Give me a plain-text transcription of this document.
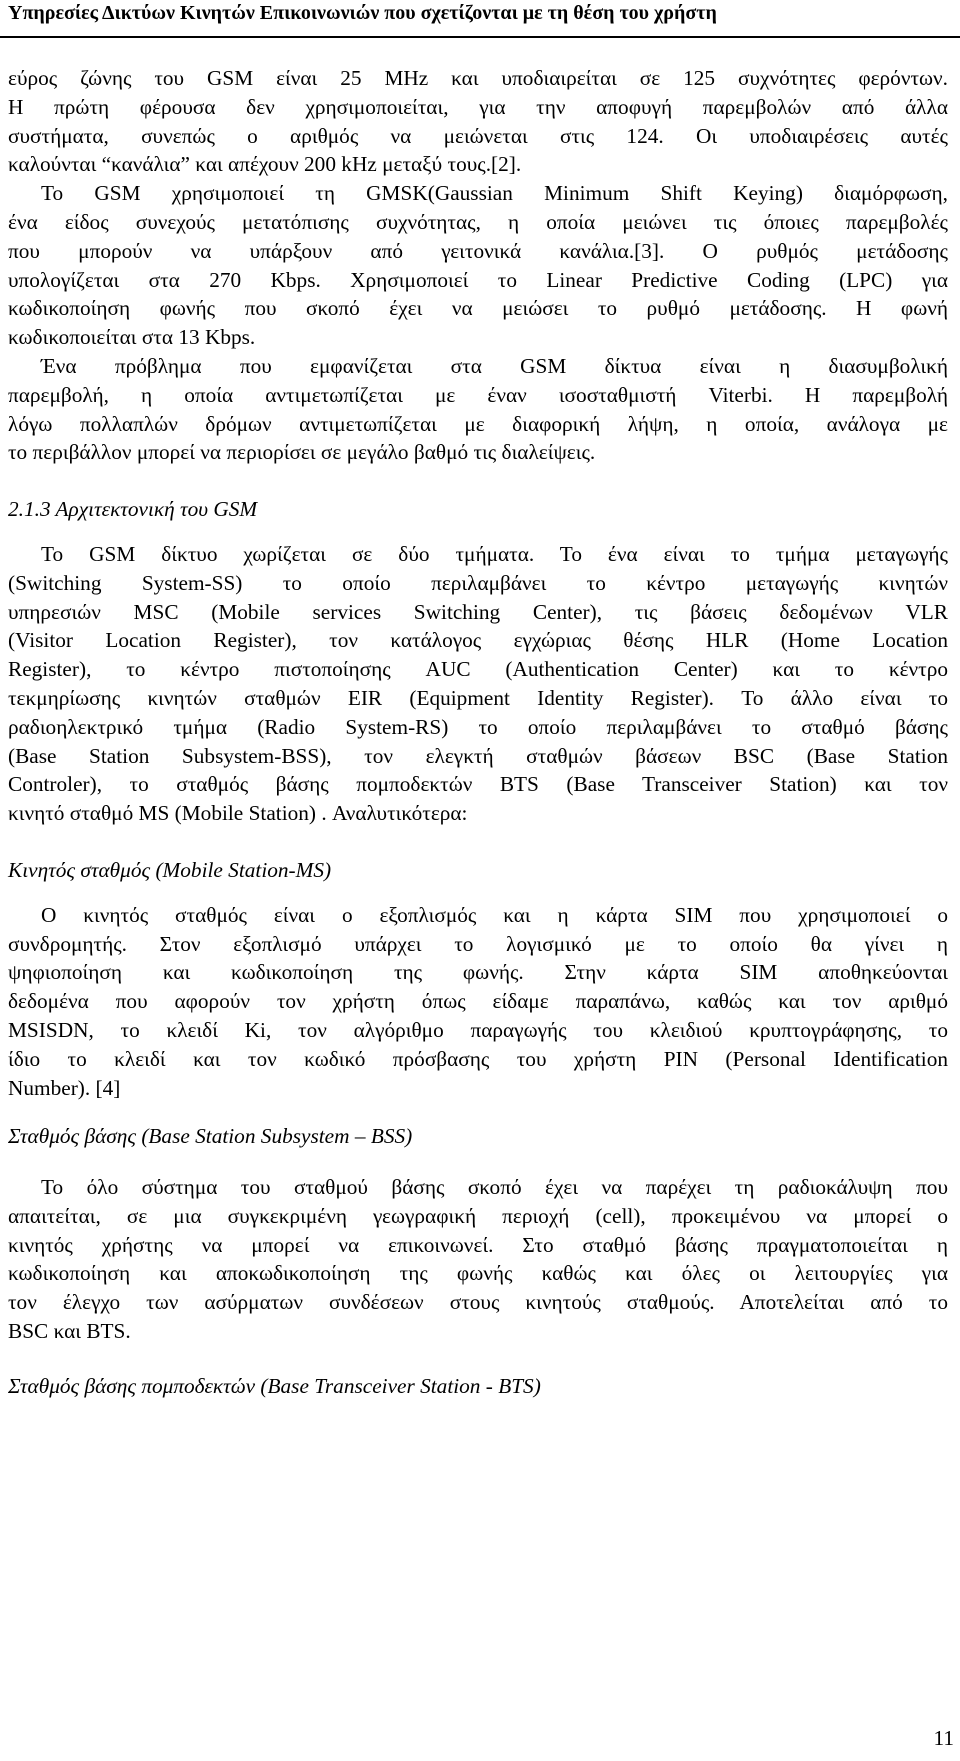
Υπηρεσίες Δικτύων Κινητών Επικοινωνιών που σχετίζονται με τη θέση του χρήστη
εύρος ζώνης του GSM είναι 25 MHz και υποδιαιρείται σε 125 συχνότητες φερόντων.
Η πρώτη φέρουσα δεν χρησιμοποιείται, για την αποφυγή παρεμβολών από άλλα
συστήματα, συνεπώς ο αριθμός να μειώνεται στις 124. Οι υποδιαιρέσεις αυτές
καλούνται “κανάλια” και απέχουν 200 kHz μεταξύ τους.[2].
Το GSM χρησιμοποιεί τη GMSK(Gaussian Minimum Shift Keying) διαμόρφωση,
ένα είδος συνεχούς μετατόπισης συχνότητας, η οποία μειώνει τις όποιες παρεμβολές
που μπορούν να υπάρξουν από γειτονικά κανάλια.[3]. Ο ρυθμός μετάδοσης
υπολογίζεται στα 270 Kbps. Χρησιμοποιεί το Linear Predictive Coding (LPC) για
κωδικοποίηση φωνής που σκοπό έχει να μειώσει το ρυθμό μετάδοσης. Η φωνή
κωδικοποιείται στα 13 Kbps.
Ένα πρόβλημα που εμφανίζεται στα GSM δίκτυα είναι η διασυμβολική
παρεμβολή, η οποία αντιμετωπίζεται με έναν ισοσταθμιστή Viterbi. Η παρεμβολή
λόγω πολλαπλών δρόμων αντιμετωπίζεται με διαφορική λήψη, η οποία, ανάλογα με
το περιβάλλον μπορεί να περιορίσει σε μεγάλο βαθμό τις διαλείψεις.

2.1.3 Αρχιτεκτονική του GSM

Το GSM δίκτυο χωρίζεται σε δύο τμήματα. Το ένα είναι το τμήμα μεταγωγής
(Switching System-SS) το οποίο περιλαμβάνει το κέντρο μεταγωγής κινητών
υπηρεσιών MSC (Mobile services Switching Center), τις βάσεις δεδομένων VLR
(Visitor Location Register), τον κατάλογος εγχώριας θέσης HLR (Home Location
Register), το κέντρο πιστοποίησης AUC (Authentication Center) και το κέντρο
τεκμηρίωσης κινητών σταθμών EIR (Equipment Identity Register). Το άλλο είναι το
ραδιοηλεκτρικό τμήμα (Radio System-RS) το οποίο περιλαμβάνει το σταθμό βάσης
(Base Station Subsystem-BSS), τον ελεγκτή σταθμών βάσεων BSC (Base Station
Controler), το σταθμός βάσης πομποδεκτών BTS (Base Transceiver Station) και τον
κινητό σταθμό MS (Mobile Station) . Αναλυτικότερα:

Κινητός σταθμός (Mobile Station-MS)

Ο κινητός σταθμός είναι ο εξοπλισμός και η κάρτα SIM που χρησιμοποιεί ο
συνδρομητής. Στον εξοπλισμό υπάρχει το λογισμικό με το οποίο θα γίνει η
ψηφιοποίηση και κωδικοποίηση της φωνής. Στην κάρτα SIM αποθηκεύονται
δεδομένα που αφορούν τον χρήστη όπως είδαμε παραπάνω, καθώς και τον αριθμό
MSISDN, το κλειδί Ki, τον αλγόριθμο παραγωγής του κλειδιού κρυπτογράφησης, το
ίδιο το κλειδί και τον κωδικό πρόσβασης του χρήστη PIN (Personal Identification
Number). [4]

Σταθμός βάσης (Base Station Subsystem – BSS)

Το όλο σύστημα του σταθμού βάσης σκοπό έχει να παρέχει τη ραδιοκάλυψη που
απαιτείται, σε μια συγκεκριμένη γεωγραφική περιοχή (cell), προκειμένου να μπορεί ο
κινητός χρήστης να μπορεί να επικοινωνεί. Στο σταθμό βάσης πραγματοποιείται η
κωδικοποίηση και αποκωδικοποίηση της φωνής καθώς και όλες οι λειτουργίες για
τον έλεγχο των ασύρματων συνδέσεων στους κινητούς σταθμούς. Αποτελείται από το
BSC και BTS.

Σταθμός βάσης πομποδεκτών (Base Transceiver Station - BTS)

11
